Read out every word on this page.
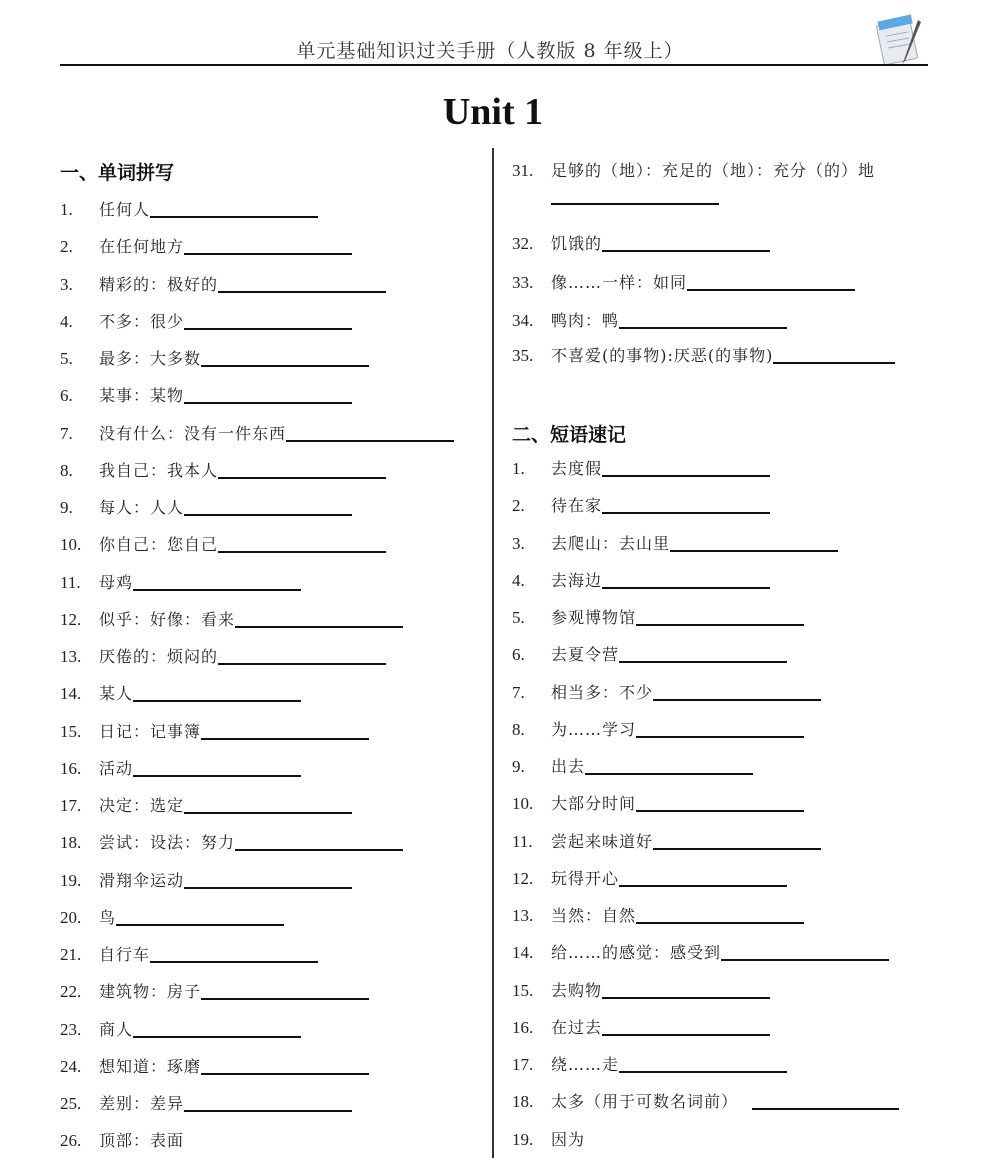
单元基础知识过关手册（人教版 8 年级上）
Unit 1
一、单词拼写
1.	任何人
2.	在任何地方
3.	精彩的：极好的
4.	不多：很少
5.	最多：大多数
6.	某事：某物
7.	没有什么：没有一件东西
8.	我自己：我本人
9.	每人：人人
10.	你自己：您自己
11.	母鸡
12.	似乎：好像：看来
13.	厌倦的：烦闷的
14.	某人
15.	日记：记事簿
16.	活动
17.	决定：选定
18.	尝试：设法：努力
19.	滑翔伞运动
20.	鸟
21.	自行车
22.	建筑物：房子
23.	商人
24.	想知道：琢磨
25.	差别：差异
26.	顶部：表面
31.	足够的（地）：充足的（地）：充分（的）地
32.	饥饿的
33.	像……一样：如同
34.	鸭肉：鸭
35.	不喜爱(的事物):厌恶(的事物)
二、短语速记
1.	去度假
2.	待在家
3.	去爬山：去山里
4.	去海边
5.	参观博物馆
6.	去夏令营
7.	相当多：不少
8.	为……学习
9.	出去
10.	大部分时间
11.	尝起来味道好
12.	玩得开心
13.	当然：自然
14.	给……的感觉：感受到
15.	去购物
16.	在过去
17.	绕……走
18.	太多（用于可数名词前）
19.	因为
